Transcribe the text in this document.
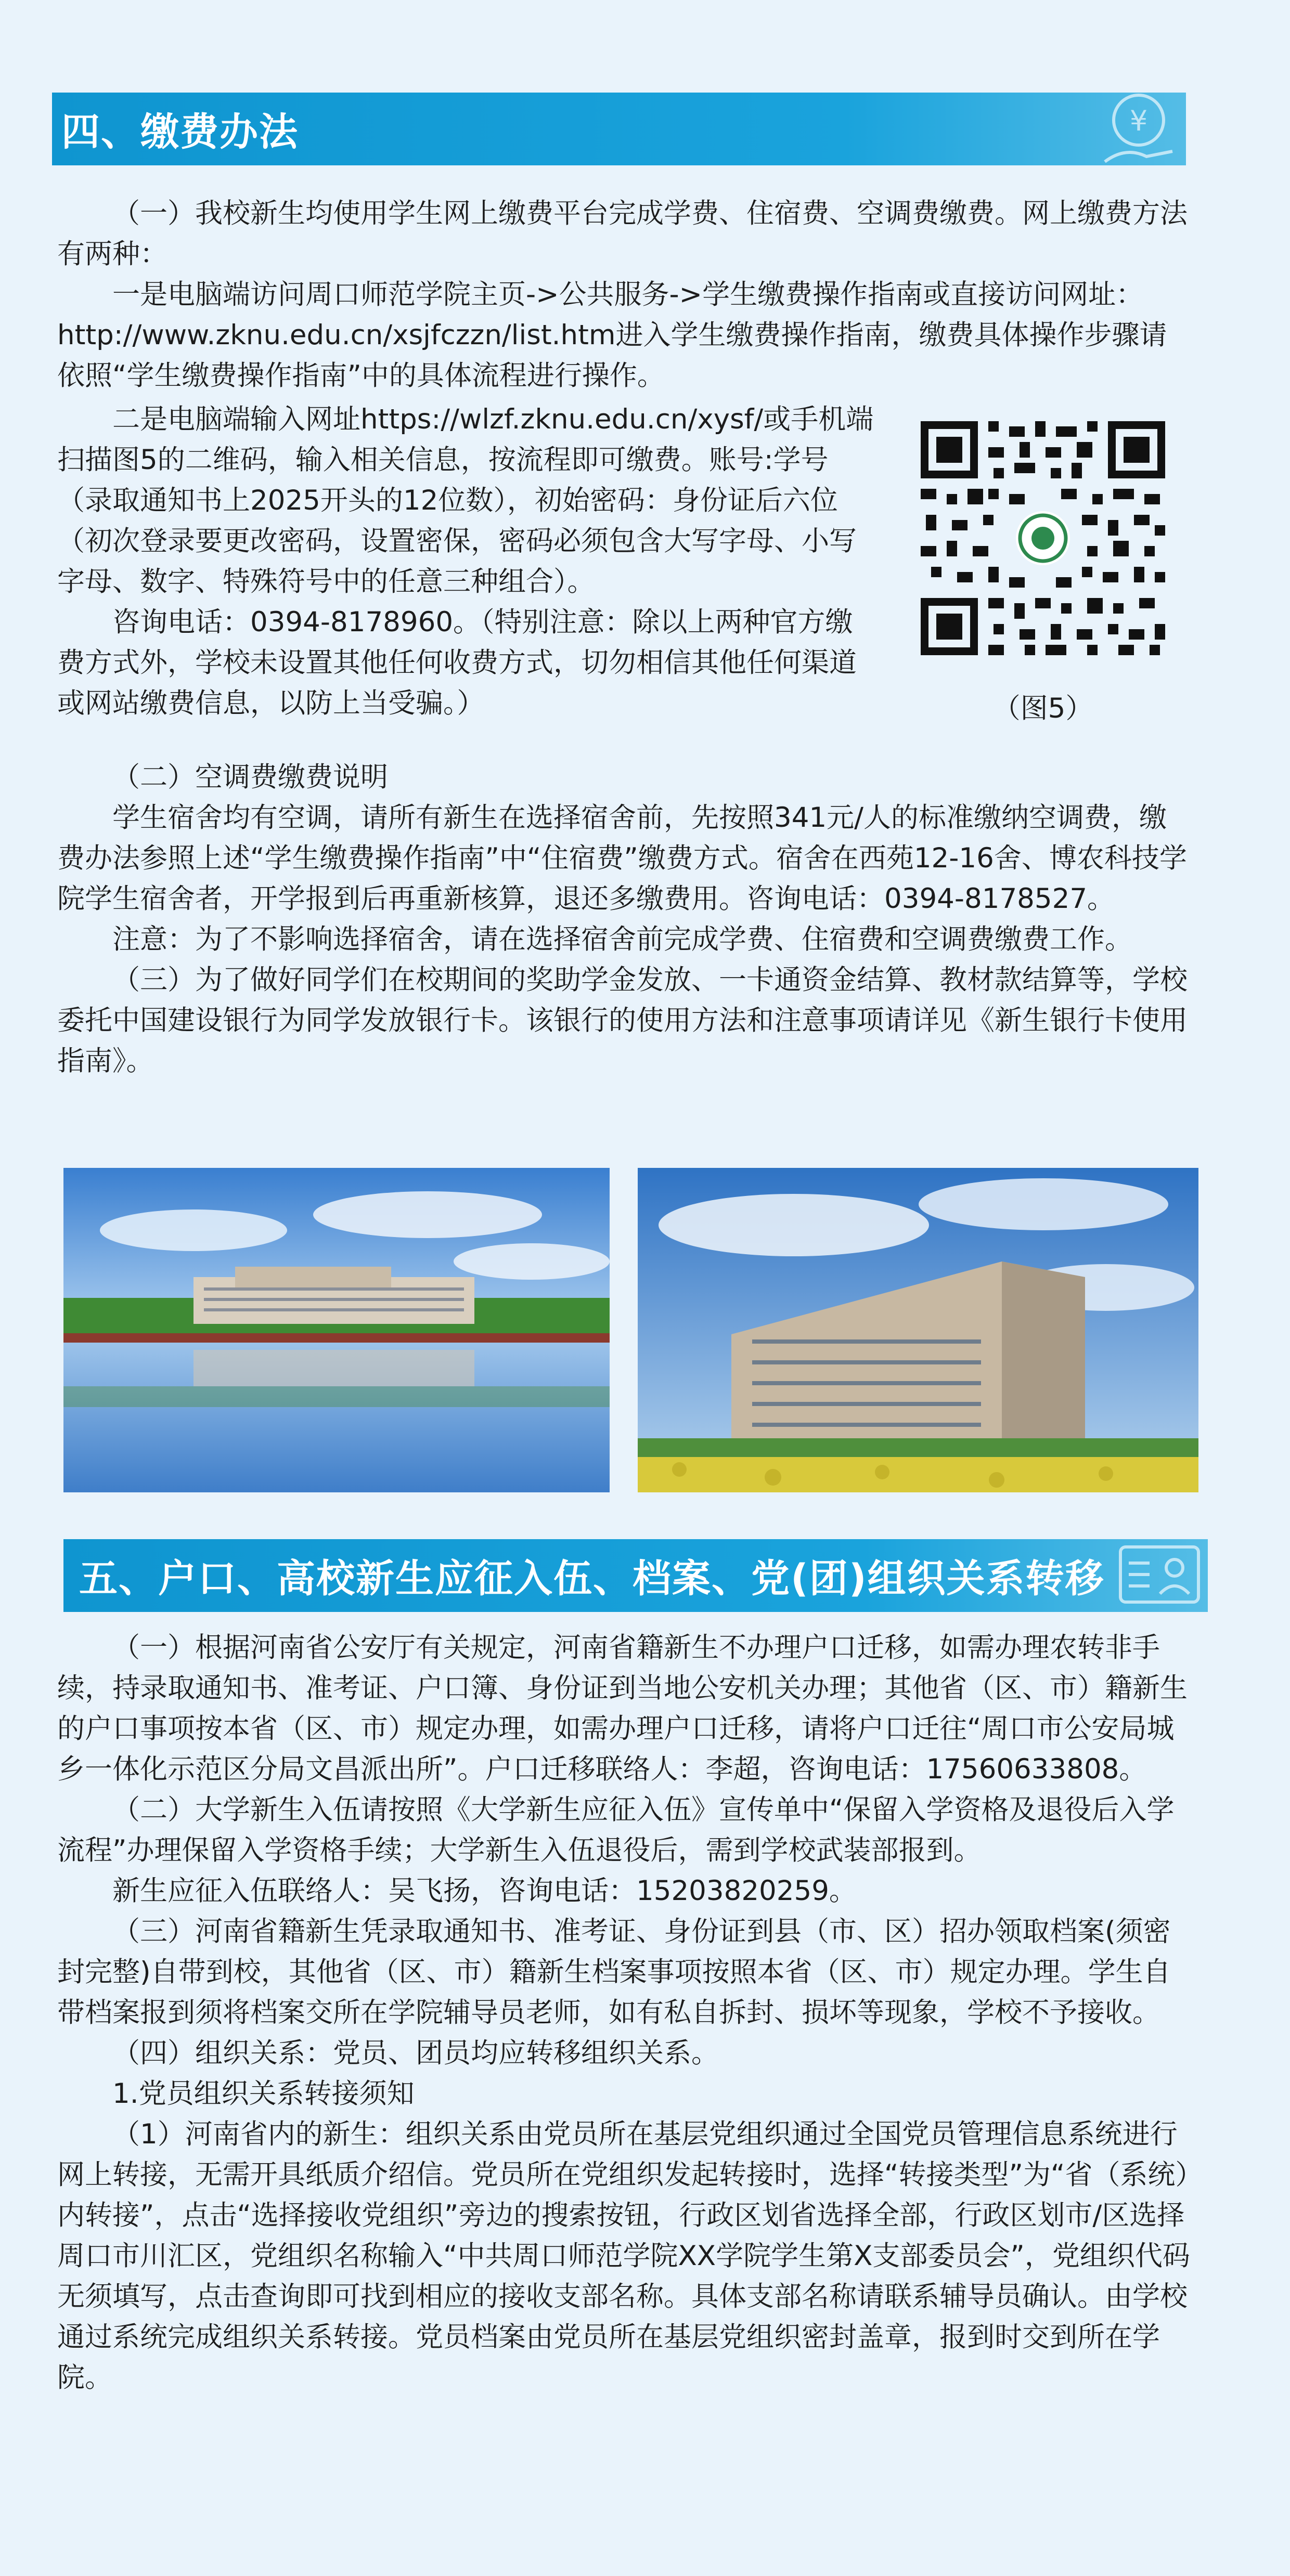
四、缴费办法	¥

（一）我校新生均使用学生网上缴费平台完成学费、住宿费、空调费缴费。网上缴费方法有两种：

一是电脑端访问周口师范学院主页->公共服务->学生缴费操作指南或直接访问网址：http://www.zknu.edu.cn/xsjfczzn/list.htm进入学生缴费操作指南，缴费具体操作步骤请依照“学生缴费操作指南”中的具体流程进行操作。

二是电脑端输入网址https://wlzf.zknu.edu.cn/xysf/或手机端扫描图5的二维码，输入相关信息，按流程即可缴费。账号:学号（录取通知书上2025开头的12位数），初始密码：身份证后六位（初次登录要更改密码，设置密保，密码必须包含大写字母、小写字母、数字、特殊符号中的任意三种组合）。

咨询电话：0394-8178960。（特别注意：除以上两种官方缴费方式外，学校未设置其他任何收费方式，切勿相信其他任何渠道或网站缴费信息，以防上当受骗。）	（图5）

（二）空调费缴费说明

学生宿舍均有空调，请所有新生在选择宿舍前，先按照341元/人的标准缴纳空调费，缴费办法参照上述“学生缴费操作指南”中“住宿费”缴费方式。宿舍在西苑12-16舍、博农科技学院学生宿舍者，开学报到后再重新核算，退还多缴费用。咨询电话：0394-8178527。

注意：为了不影响选择宿舍，请在选择宿舍前完成学费、住宿费和空调费缴费工作。

（三）为了做好同学们在校期间的奖助学金发放、一卡通资金结算、教材款结算等，学校委托中国建设银行为同学发放银行卡。该银行的使用方法和注意事项请详见《新生银行卡使用指南》。

五、户口、高校新生应征入伍、档案、党(团)组织关系转移

（一）根据河南省公安厅有关规定，河南省籍新生不办理户口迁移，如需办理农转非手续，持录取通知书、准考证、户口簿、身份证到当地公安机关办理；其他省（区、市）籍新生的户口事项按本省（区、市）规定办理，如需办理户口迁移，请将户口迁往“周口市公安局城乡一体化示范区分局文昌派出所”。户口迁移联络人：李超，咨询电话：17560633808。

（二）大学新生入伍请按照《大学新生应征入伍》宣传单中“保留入学资格及退役后入学流程”办理保留入学资格手续；大学新生入伍退役后，需到学校武装部报到。

新生应征入伍联络人：吴飞扬，咨询电话：15203820259。

（三）河南省籍新生凭录取通知书、准考证、身份证到县（市、区）招办领取档案(须密封完整)自带到校，其他省（区、市）籍新生档案事项按照本省（区、市）规定办理。学生自带档案报到须将档案交所在学院辅导员老师，如有私自拆封、损坏等现象，学校不予接收。

（四）组织关系：党员、团员均应转移组织关系。

1.党员组织关系转接须知

（1）河南省内的新生：组织关系由党员所在基层党组织通过全国党员管理信息系统进行网上转接，无需开具纸质介绍信。党员所在党组织发起转接时，选择“转接类型”为“省（系统）内转接”，点击“选择接收党组织”旁边的搜索按钮，行政区划省选择全部，行政区划市/区选择周口市川汇区，党组织名称输入“中共周口师范学院XX学院学生第X支部委员会”，党组织代码无须填写，点击查询即可找到相应的接收支部名称。具体支部名称请联系辅导员确认。由学校通过系统完成组织关系转接。党员档案由党员所在基层党组织密封盖章，报到时交到所在学院。
